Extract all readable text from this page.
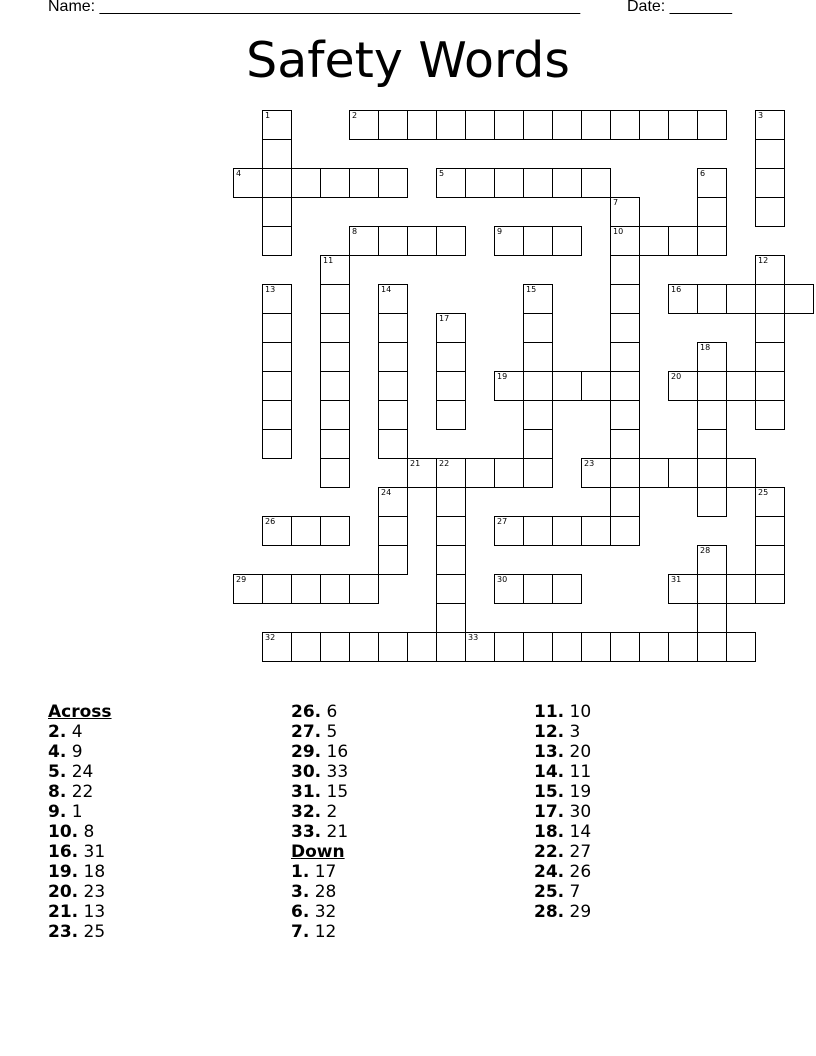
Name: ______________________________________________________	Date: _______
Safety Words
1	2	3
4	5	6
7
10
8	9
11	12
13	14	15	16
17
18
19	20
21 22	23
24	25
26	27
28
29	30	31
32	33
Across
2. 4
4. 9
5. 24
8. 22
9. 1
10. 8
16. 31
19. 18
20. 23
21. 13
23. 25
26. 6
27. 5
29. 16
30. 33
31. 15
32. 2
33. 21
Down
1. 17
3. 28
6. 32
7. 12
11. 10
12. 3
13. 20
14. 11
15. 19
17. 30
18. 14
22. 27
24. 26
25. 7
28. 29
